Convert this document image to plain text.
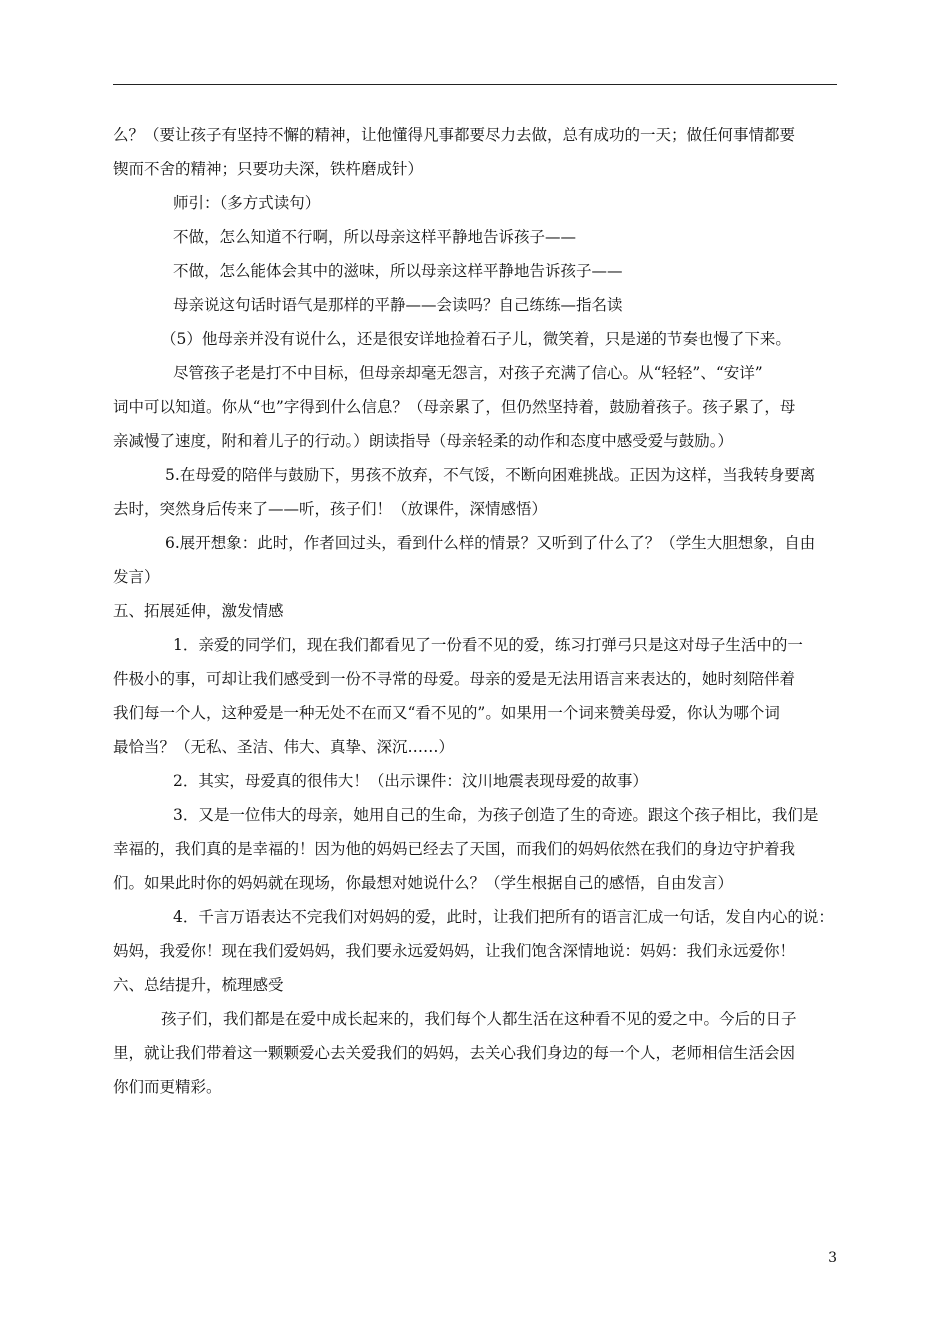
么？（要让孩子有坚持不懈的精神，让他懂得凡事都要尽力去做，总有成功的一天；做任何事情都要
锲而不舍的精神；只要功夫深，铁杵磨成针）
师引：（多方式读句）
不做，怎么知道不行啊，所以母亲这样平静地告诉孩子——
不做，怎么能体会其中的滋味，所以母亲这样平静地告诉孩子——
母亲说这句话时语气是那样的平静——会读吗？自己练练—指名读
（5）他母亲并没有说什么，还是很安详地捡着石子儿，微笑着，只是递的节奏也慢了下来。
尽管孩子老是打不中目标，但母亲却毫无怨言，对孩子充满了信心。从“轻轻”、“安详”
词中可以知道。你从“也”字得到什么信息？（母亲累了，但仍然坚持着，鼓励着孩子。孩子累了，母
亲减慢了速度，附和着儿子的行动。）朗读指导（母亲轻柔的动作和态度中感受爱与鼓励。）
5.在母爱的陪伴与鼓励下，男孩不放弃，不气馁，不断向困难挑战。正因为这样，当我转身要离
去时，突然身后传来了——听，孩子们！（放课件，深情感悟）
6.展开想象：此时，作者回过头，看到什么样的情景？又听到了什么了？（学生大胆想象，自由
发言）
五、拓展延伸，激发情感
1．亲爱的同学们，现在我们都看见了一份看不见的爱，练习打弹弓只是这对母子生活中的一
件极小的事，可却让我们感受到一份不寻常的母爱。母亲的爱是无法用语言来表达的，她时刻陪伴着
我们每一个人，这种爱是一种无处不在而又“看不见的”。如果用一个词来赞美母爱，你认为哪个词
最恰当？（无私、圣洁、伟大、真挚、深沉……）
2．其实，母爱真的很伟大！（出示课件：汶川地震表现母爱的故事）
3．又是一位伟大的母亲，她用自己的生命，为孩子创造了生的奇迹。跟这个孩子相比，我们是
幸福的，我们真的是幸福的！因为他的妈妈已经去了天国，而我们的妈妈依然在我们的身边守护着我
们。如果此时你的妈妈就在现场，你最想对她说什么？（学生根据自己的感悟，自由发言）
4．千言万语表达不完我们对妈妈的爱，此时，让我们把所有的语言汇成一句话，发自内心的说：
妈妈，我爱你！现在我们爱妈妈，我们要永远爱妈妈，让我们饱含深情地说：妈妈：我们永远爱你！
六、总结提升，梳理感受
孩子们，我们都是在爱中成长起来的，我们每个人都生活在这种看不见的爱之中。今后的日子
里，就让我们带着这一颗颗爱心去关爱我们的妈妈，去关心我们身边的每一个人，老师相信生活会因
你们而更精彩。
3
